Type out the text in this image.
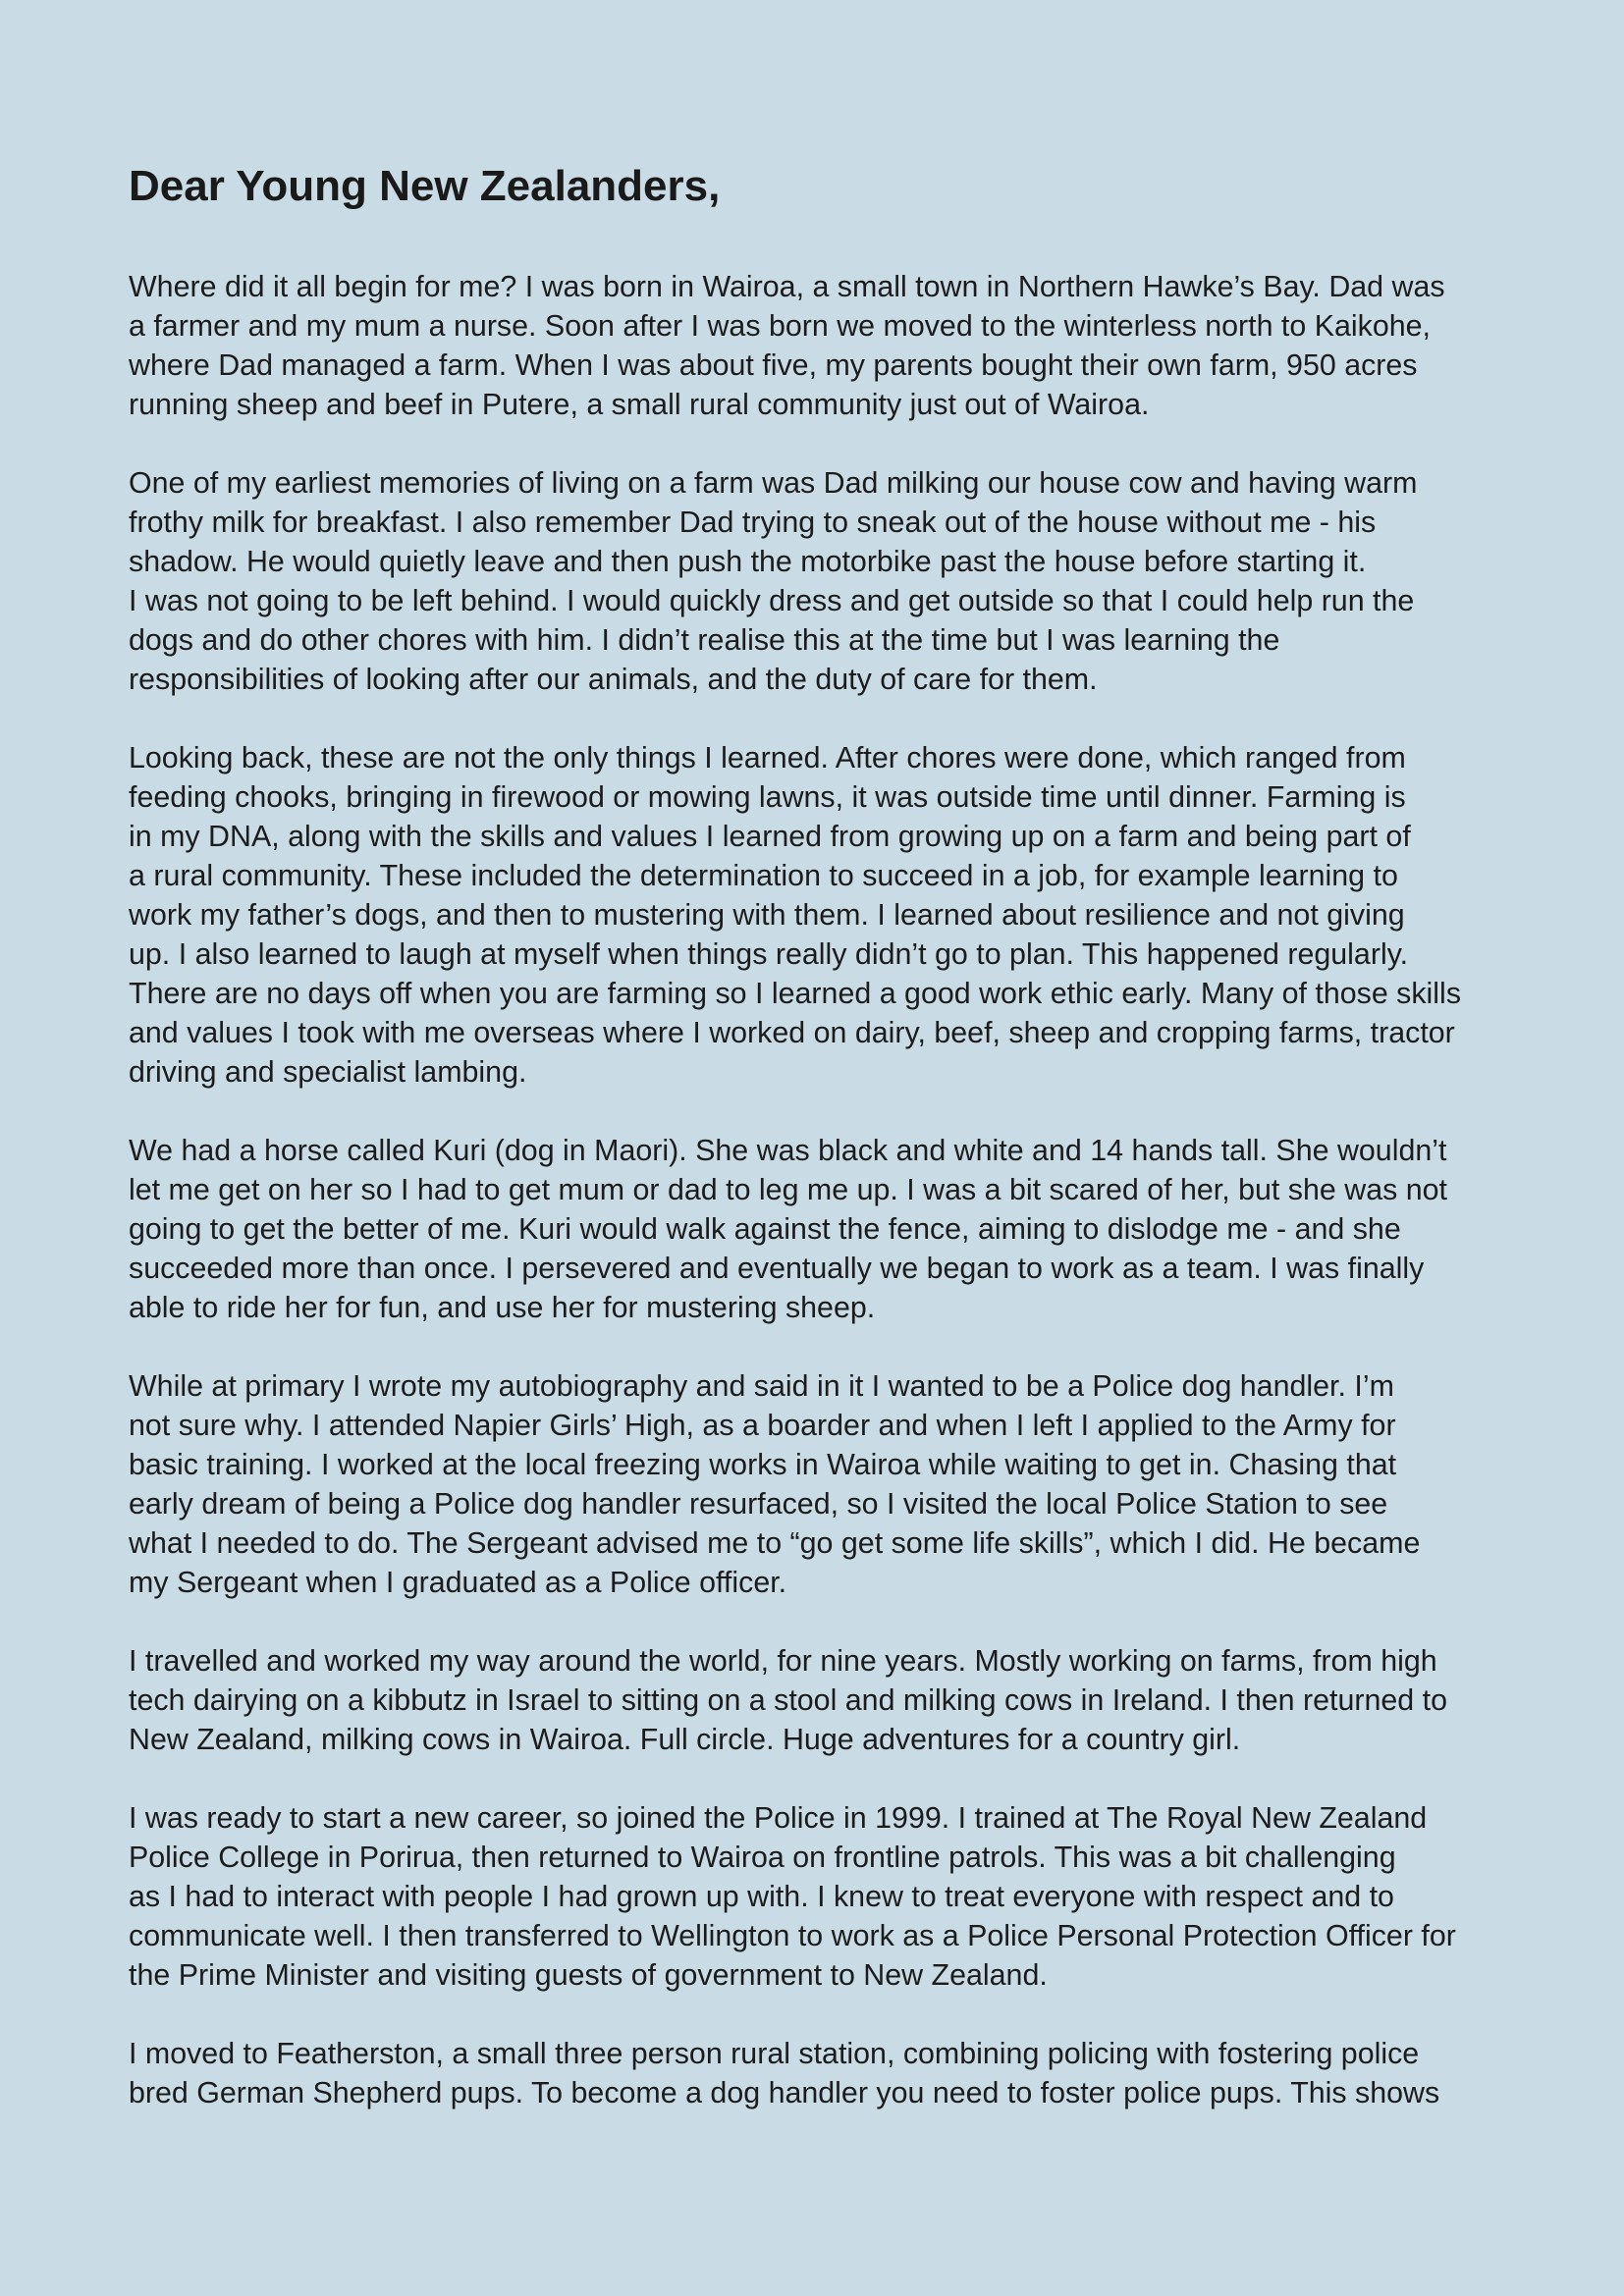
Dear Young New Zealanders,

Where did it all begin for me? I was born in Wairoa, a small town in Northern Hawke’s Bay. Dad was
a farmer and my mum a nurse. Soon after I was born we moved to the winterless north to Kaikohe,
where Dad managed a farm. When I was about five, my parents bought their own farm, 950 acres
running sheep and beef in Putere, a small rural community just out of Wairoa.

One of my earliest memories of living on a farm was Dad milking our house cow and having warm
frothy milk for breakfast. I also remember Dad trying to sneak out of the house without me - his
shadow. He would quietly leave and then push the motorbike past the house before starting it.
I was not going to be left behind. I would quickly dress and get outside so that I could help run the
dogs and do other chores with him. I didn’t realise this at the time but I was learning the
responsibilities of looking after our animals, and the duty of care for them.

Looking back, these are not the only things I learned. After chores were done, which ranged from
feeding chooks, bringing in firewood or mowing lawns, it was outside time until dinner. Farming is
in my DNA, along with the skills and values I learned from growing up on a farm and being part of
a rural community. These included the determination to succeed in a job, for example learning to
work my father’s dogs, and then to mustering with them. I learned about resilience and not giving
up. I also learned to laugh at myself when things really didn’t go to plan. This happened regularly.
There are no days off when you are farming so I learned a good work ethic early. Many of those skills
and values I took with me overseas where I worked on dairy, beef, sheep and cropping farms, tractor
driving and specialist lambing.

We had a horse called Kuri (dog in Maori). She was black and white and 14 hands tall. She wouldn’t
let me get on her so I had to get mum or dad to leg me up. I was a bit scared of her, but she was not
going to get the better of me. Kuri would walk against the fence, aiming to dislodge me - and she
succeeded more than once. I persevered and eventually we began to work as a team. I was finally
able to ride her for fun, and use her for mustering sheep.

While at primary I wrote my autobiography and said in it I wanted to be a Police dog handler. I’m
not sure why. I attended Napier Girls’ High, as a boarder and when I left I applied to the Army for
basic training. I worked at the local freezing works in Wairoa while waiting to get in. Chasing that
early dream of being a Police dog handler resurfaced, so I visited the local Police Station to see
what I needed to do. The Sergeant advised me to “go get some life skills”, which I did. He became
my Sergeant when I graduated as a Police officer.

I travelled and worked my way around the world, for nine years. Mostly working on farms, from high
tech dairying on a kibbutz in Israel to sitting on a stool and milking cows in Ireland. I then returned to
New Zealand, milking cows in Wairoa. Full circle. Huge adventures for a country girl.

I was ready to start a new career, so joined the Police in 1999. I trained at The Royal New Zealand
Police College in Porirua, then returned to Wairoa on frontline patrols. This was a bit challenging
as I had to interact with people I had grown up with. I knew to treat everyone with respect and to
communicate well. I then transferred to Wellington to work as a Police Personal Protection Officer for
the Prime Minister and visiting guests of government to New Zealand.

I moved to Featherston, a small three person rural station, combining policing with fostering police
bred German Shepherd pups. To become a dog handler you need to foster police pups. This shows
